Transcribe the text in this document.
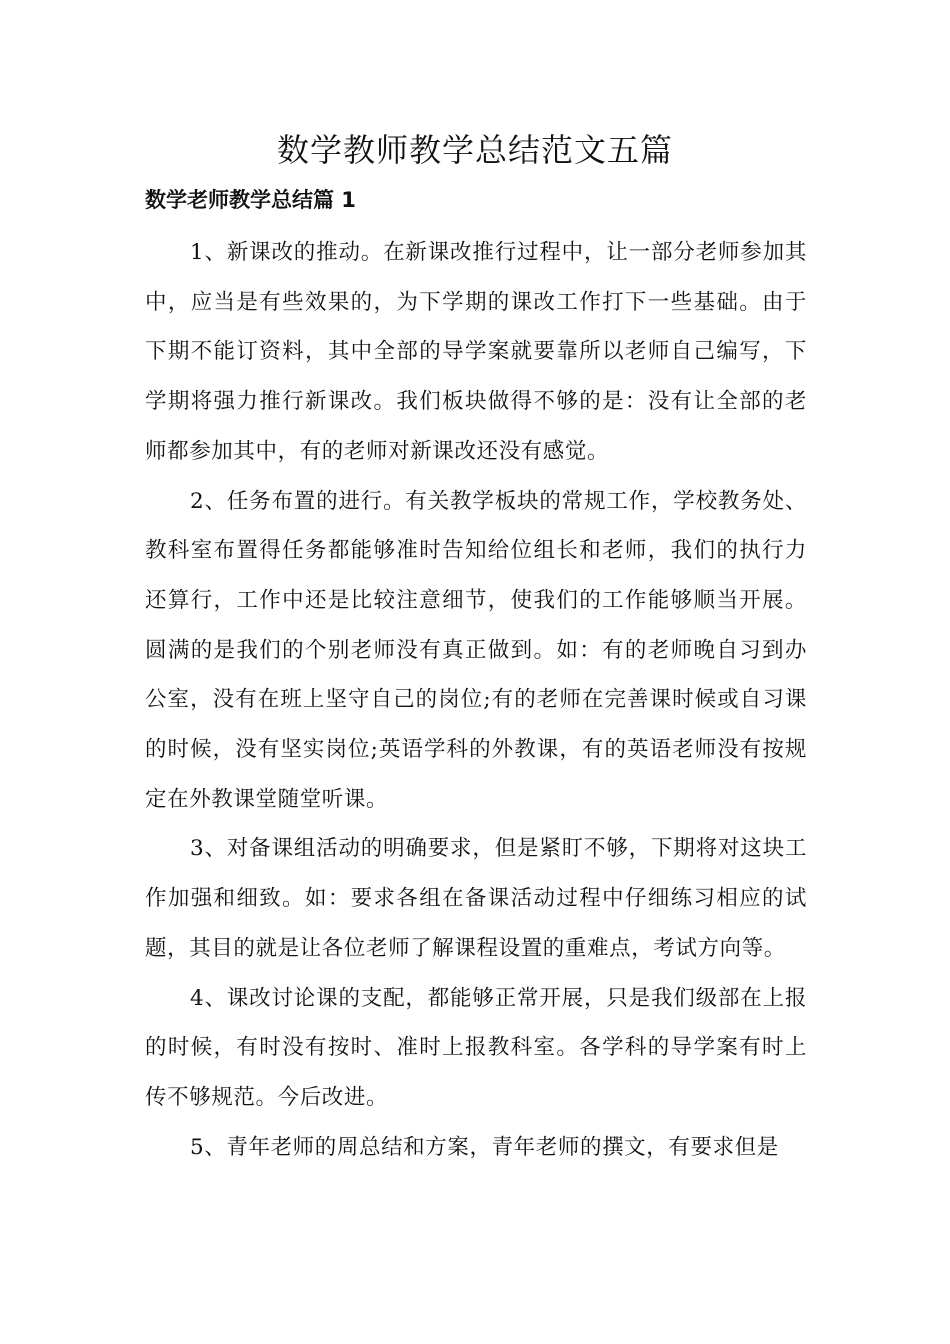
数学教师教学总结范文五篇
数学老师教学总结篇 1

1、新课改的推动。在新课改推行过程中，让一部分老师参加其中，应当是有些效果的，为下学期的课改工作打下一些基础。由于下期不能订资料，其中全部的导学案就要靠所以老师自己编写，下学期将强力推行新课改。我们板块做得不够的是：没有让全部的老师都参加其中，有的老师对新课改还没有感觉。

2、任务布置的进行。有关教学板块的常规工作，学校教务处、教科室布置得任务都能够准时告知给位组长和老师，我们的执行力还算行，工作中还是比较注意细节，使我们的工作能够顺当开展。圆满的是我们的个别老师没有真正做到。如：有的老师晚自习到办公室，没有在班上坚守自己的岗位;有的老师在完善课时候或自习课的时候，没有坚实岗位;英语学科的外教课，有的英语老师没有按规定在外教课堂随堂听课。

3、对备课组活动的明确要求，但是紧盯不够，下期将对这块工作加强和细致。如：要求各组在备课活动过程中仔细练习相应的试题，其目的就是让各位老师了解课程设置的重难点，考试方向等。

4、课改讨论课的支配，都能够正常开展，只是我们级部在上报的时候，有时没有按时、准时上报教科室。各学科的导学案有时上传不够规范。今后改进。

5、青年老师的周总结和方案，青年老师的撰文，有要求但是
